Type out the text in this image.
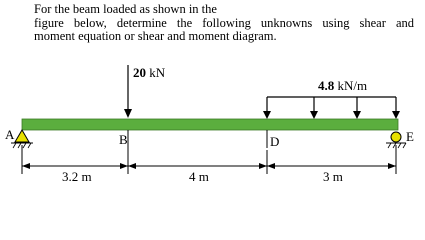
For the beam loaded as shown in the
figure below, determine the following unknowns using shear and
moment equation or shear and moment diagram.
20 kN
4.8 kN/m
A	E
B	D
3.2 m	4 m	3 m
